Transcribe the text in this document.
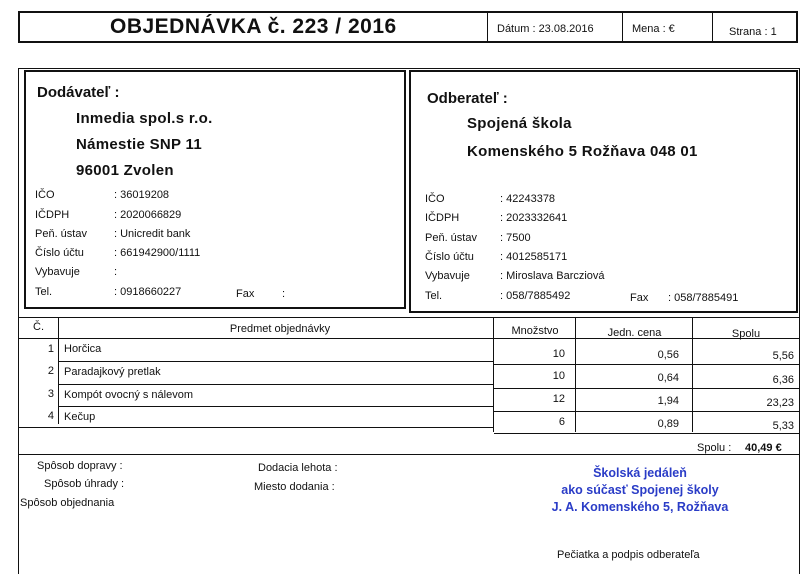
OBJEDNÁVKA č. 223 / 2016	Dátum : 23.08.2016	Mena : €	Strana : 1
Dodávateľ :
Inmedia spol.s r.o.
Námestie SNP 11
96001 Zvolen
IČO	: 36019208
IČDPH	: 2020066829
Peň. ústav : Unicredit bank
Číslo účtu	: 661942900/1111
Vybavuje	:
Tel.	: 0918660227	Fax	:
Odberateľ :
Spojená škola
Komenského 5 Rožňava 048 01
IČO	: 42243378
IČDPH	: 2023332641
Peň. ústav : 7500
Číslo účtu : 4012585171
Vybavuje	: Miroslava Barcziová
Tel.	: 058/7885492	Fax : 058/7885491
Č.	Predmet objednávky	Množstvo	Jedn. cena	Spolu
1 Horčica	10	0,56	5,56
2 Paradajkový pretlak	10	0,64	6,36
3 Kompót ovocný s nálevom	12	1,94	23,23
4 Kečup	6	0,89	5,33
Spolu : 40,49 €
Spôsob dopravy :
Spôsob úhrady :
Spôsob objednania
Dodacia lehota :
Miesto dodania :
Školská jedáleň
ako súčasť Spojenej školy
J. A. Komenského 5, Rožňava
Pečiatka a podpis odberateľa
